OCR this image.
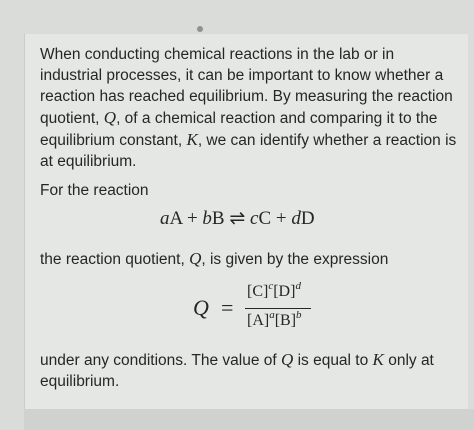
When conducting chemical reactions in the lab or in industrial processes, it can be important to know whether a reaction has reached equilibrium. By measuring the reaction quotient, Q, of a chemical reaction and comparing it to the equilibrium constant, K, we can identify whether a reaction is at equilibrium.
For the reaction
aA + bB ⇌ cC + dD
the reaction quotient, Q, is given by the expression
Q =
$[C]^c[D]^d$
$[A]^a[B]^b$
under any conditions. The value of Q is equal to K only at equilibrium.
